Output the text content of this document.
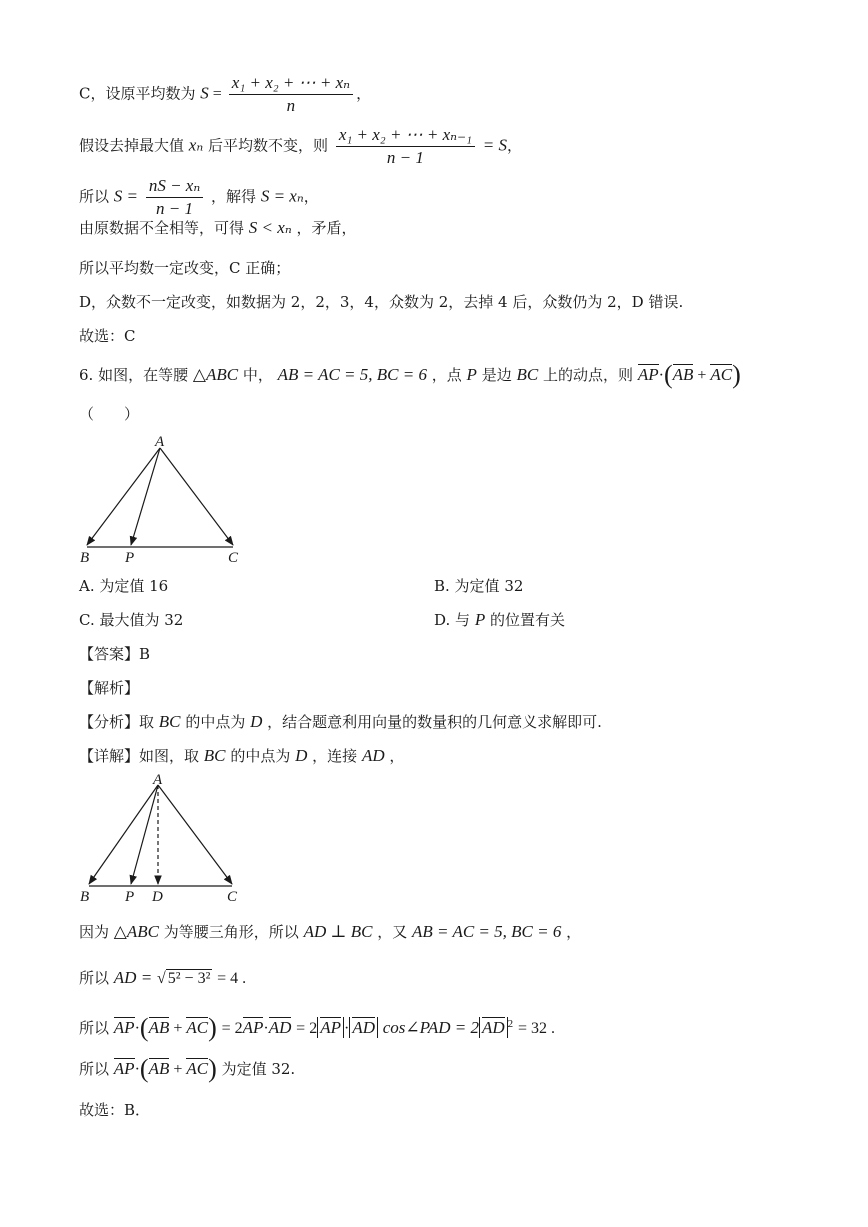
C，设原平均数为 $S = \frac{\text{x₁ + x₂ + ⋯ + xₙ}}{n}$ ，
假设去掉最大值 xₙ 后平均数不变，则 $\frac{\text{x₁ + x₂ + ⋯ + xₙ₋₁}}{n - 1} = S$，
所以 $S = \frac{\text{nS − xₙ}}{n - 1}$ ，解得 S = xₙ，
由原数据不全相等，可得 S < xₙ ，矛盾，
所以平均数一定改变，C 正确；
D，众数不一定改变，如数据为 2，2，3，4，众数为 2，去掉 4 后，众数仍为 2，D 错误.
故选：C
6. 如图，在等腰 △ABC 中， AB = AC = 5, BC = 6 ，点 P 是边 BC 上的动点，则 AP·(AB + AC)
（　　）
A
B P	C
A. 为定值 16	B. 为定值 32
C. 最大值为 32	D. 与 P 的位置有关
【答案】B
【解析】
【分析】取 BC 的中点为 D ，结合题意利用向量的数量积的几何意义求解即可.
【详解】如图，取 BC 的中点为 D ，连接 AD ，
A
B P D	C
因为 △ABC 为等腰三角形，所以 AD ⊥ BC ，又 AB = AC = 5, BC = 6 ，
所以 AD = √ 5² − 3² = 4 .
所以 AP·(AB + AC) = 2AP·AD = 2 AP · AD cos∠PAD = 2 AD $^2$ = 32 .
所以 AP·(AB + AC) 为定值 32.
故选：B．
